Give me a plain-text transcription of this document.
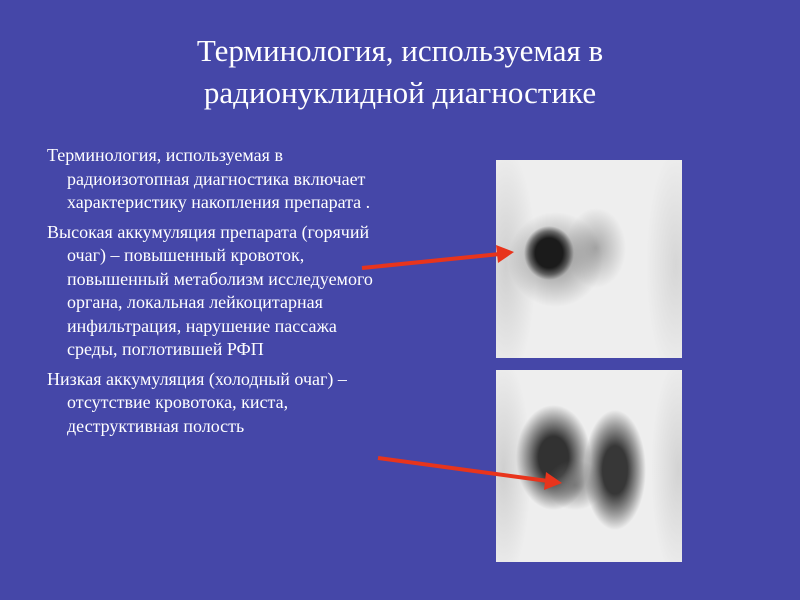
Терминология, используемая в
радионуклидной диагностике
Терминология, используемая в радиоизотопная диагностика включает характеристику накопления препарата .
Высокая аккумуляция препарата (горячий очаг) – повышенный кровоток, повышенный метаболизм исследуемого органа, локальная лейкоцитарная инфильтрация, нарушение пассажа среды, поглотившей РФП
Низкая аккумуляция (холодный очаг) – отсутствие кровотока, киста, деструктивная полость
